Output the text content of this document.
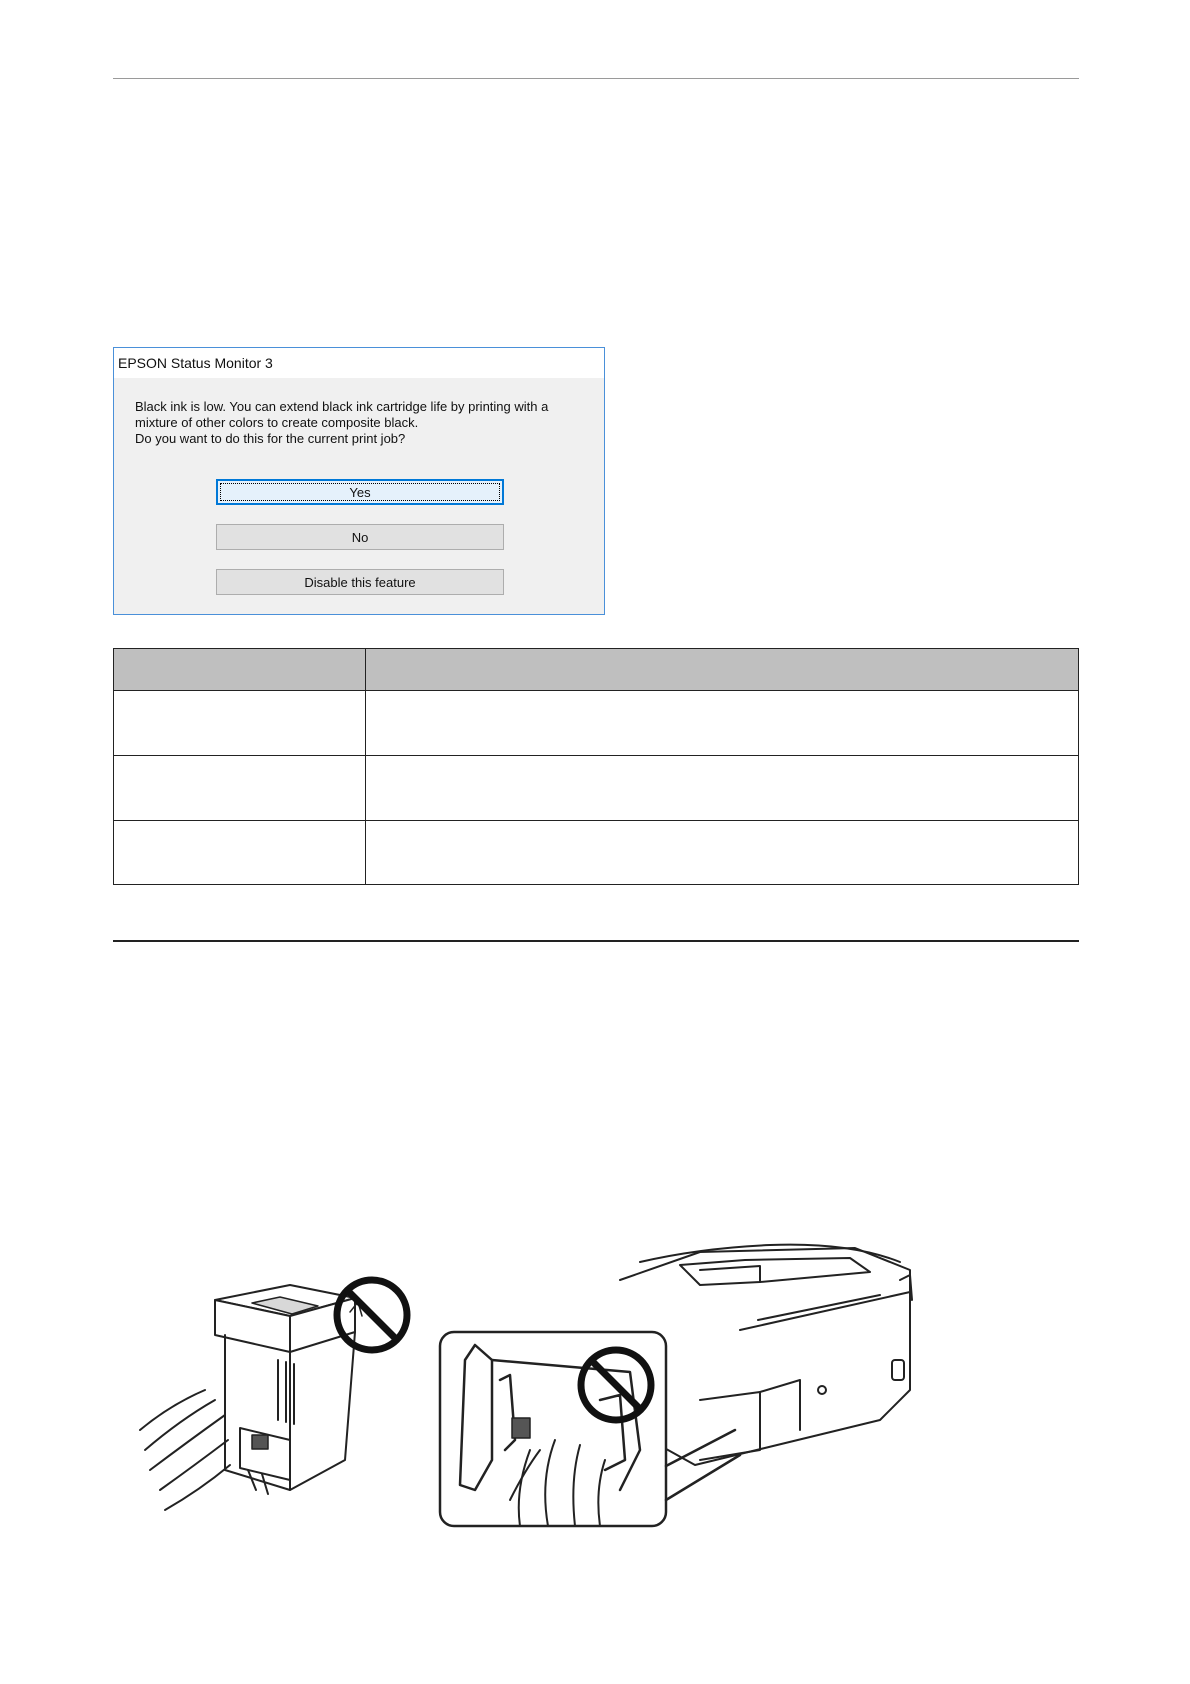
EPSON Status Monitor 3
Black ink is low. You can extend black ink cartridge life by printing with a
mixture of other colors to create composite black.
Do you want to do this for the current print job?
Yes
No
Disable this feature
